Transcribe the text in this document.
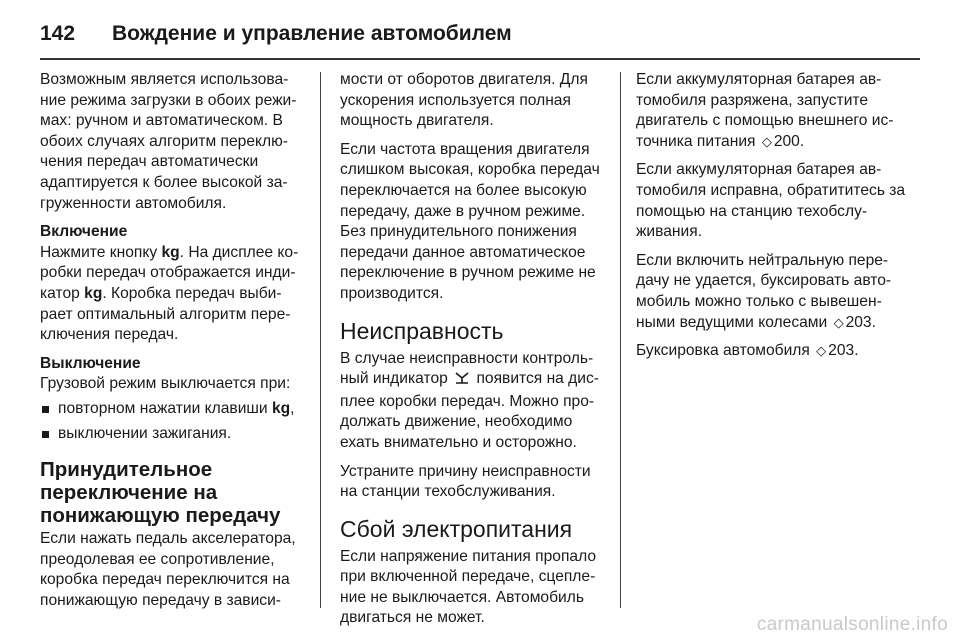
142	Вождение и управление автомобилем

Возможным является использова-ние режима загрузки в обоих режи-мах: ручном и автоматическом. В обоих случаях алгоритм переклю-чения передач автоматически адаптируется к более высокой за-груженности автомобиля.

Включение

Нажмите кнопку kg. На дисплее ко-робки передач отображается инди-катор kg. Коробка передач выби-рает оптимальный алгоритм пере-ключения передач.

Выключение

Грузовой режим выключается при:

повторном нажатии клавиши kg,
выключении зажигания.
Принудительное переключение на понижающую передачу

Если нажать педаль акселератора, преодолевая ее сопротивление, коробка передач переключится на понижающую передачу в зависи-

мости от оборотов двигателя. Для ускорения используется полная мощность двигателя.

Если частота вращения двигателя слишком высокая, коробка передач переключается на более высокую передачу, даже в ручном режиме. Без принудительного понижения передачи данное автоматическое переключение в ручном режиме не производится.

Неисправность

В случае неисправности контроль-ный индикатор  появится на дис-плее коробки передач. Можно про-должать движение, необходимо ехать внимательно и осторожно.

Устраните причину неисправности на станции техобслуживания.

Сбой электропитания

Если напряжение питания пропало при включенной передаче, сцепле-ние не выключается. Автомобиль двигаться не может.

Если аккумуляторная батарея ав-томобиля разряжена, запустите двигатель с помощью внешнего ис-точника питания ◇ 200.

Если аккумуляторная батарея ав-томобиля исправна, обратититесь за помощью на станцию техобслу-живания.

Если включить нейтральную пере-дачу не удается, буксировать авто-мобиль можно только с вывешен-ными ведущими колесами ◇ 203.

Буксировка автомобиля ◇ 203.

carmanualsonline.info
